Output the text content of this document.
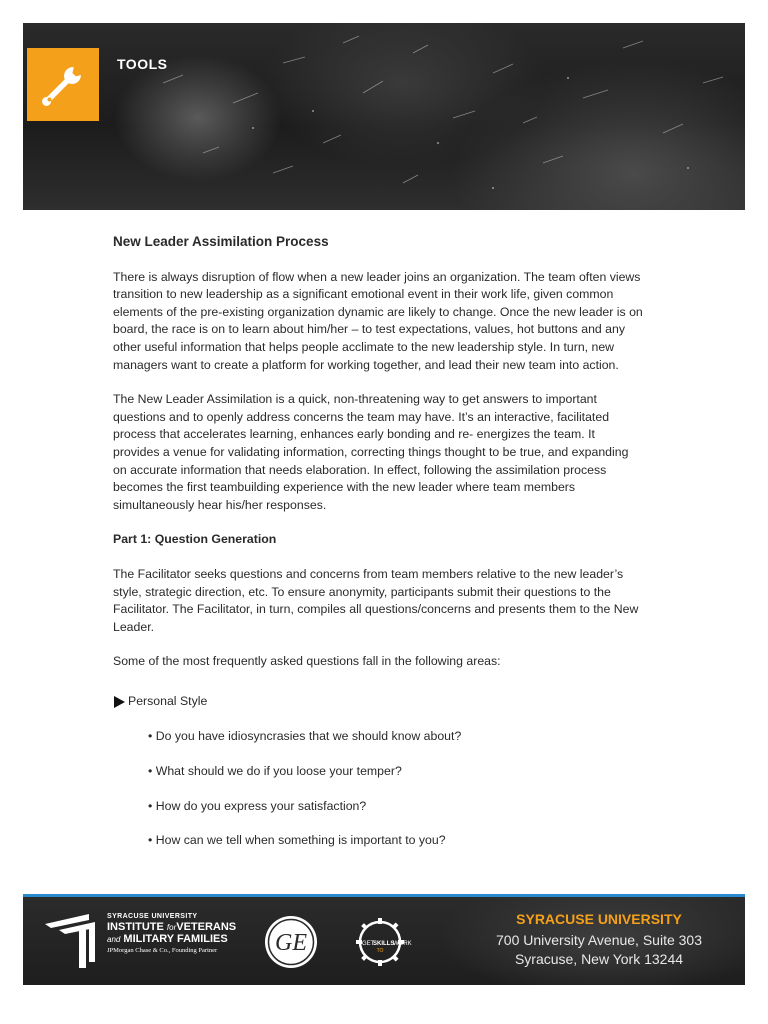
TOOLS
New Leader Assimilation Process

There is always disruption of flow when a new leader joins an organization. The team often views transition to new leadership as a significant emotional event in their work life, given common elements of the pre-existing organization dynamic are likely to change. Once the new leader is on board, the race is on to learn about him/her – to test expectations, values, hot buttons and any other useful information that helps people acclimate to the new leadership style. In turn, new managers want to create a platform for working together, and lead their new team into action.

The New Leader Assimilation is a quick, non-threatening way to get answers to important questions and to openly address concerns the team may have. It’s an interactive, facilitated process that accelerates learning, enhances early bonding and re- energizes the team. It provides a venue for validating information, correcting things thought to be true, and expanding on accurate information that needs elaboration. In effect, following the assimilation process becomes the first teambuilding experience with the new leader where team members simultaneously hear his/her responses.

Part 1: Question Generation

The Facilitator seeks questions and concerns from team members relative to the new leader’s style, strategic direction, etc. To ensure anonymity, participants submit their questions to the Facilitator. The Facilitator, in turn, compiles all questions/concerns and presents them to the New Leader.

Some of the most frequently asked questions fall in the following areas:

Personal Style
• Do you have idiosyncrasies that we should know about?
• What should we do if you loose your temper?
• How do you express your satisfaction?
• How can we tell when something is important to you?
SYRACUSE UNIVERSITY
INSTITUTE forVETERANS
and MILITARY FAMILIES
JPMorgan Chase & Co., Founding Partner	GE	GET
SKILLS
WORK
TO
SYRACUSE UNIVERSITY
700 University Avenue, Suite 303
Syracuse, New York 13244
